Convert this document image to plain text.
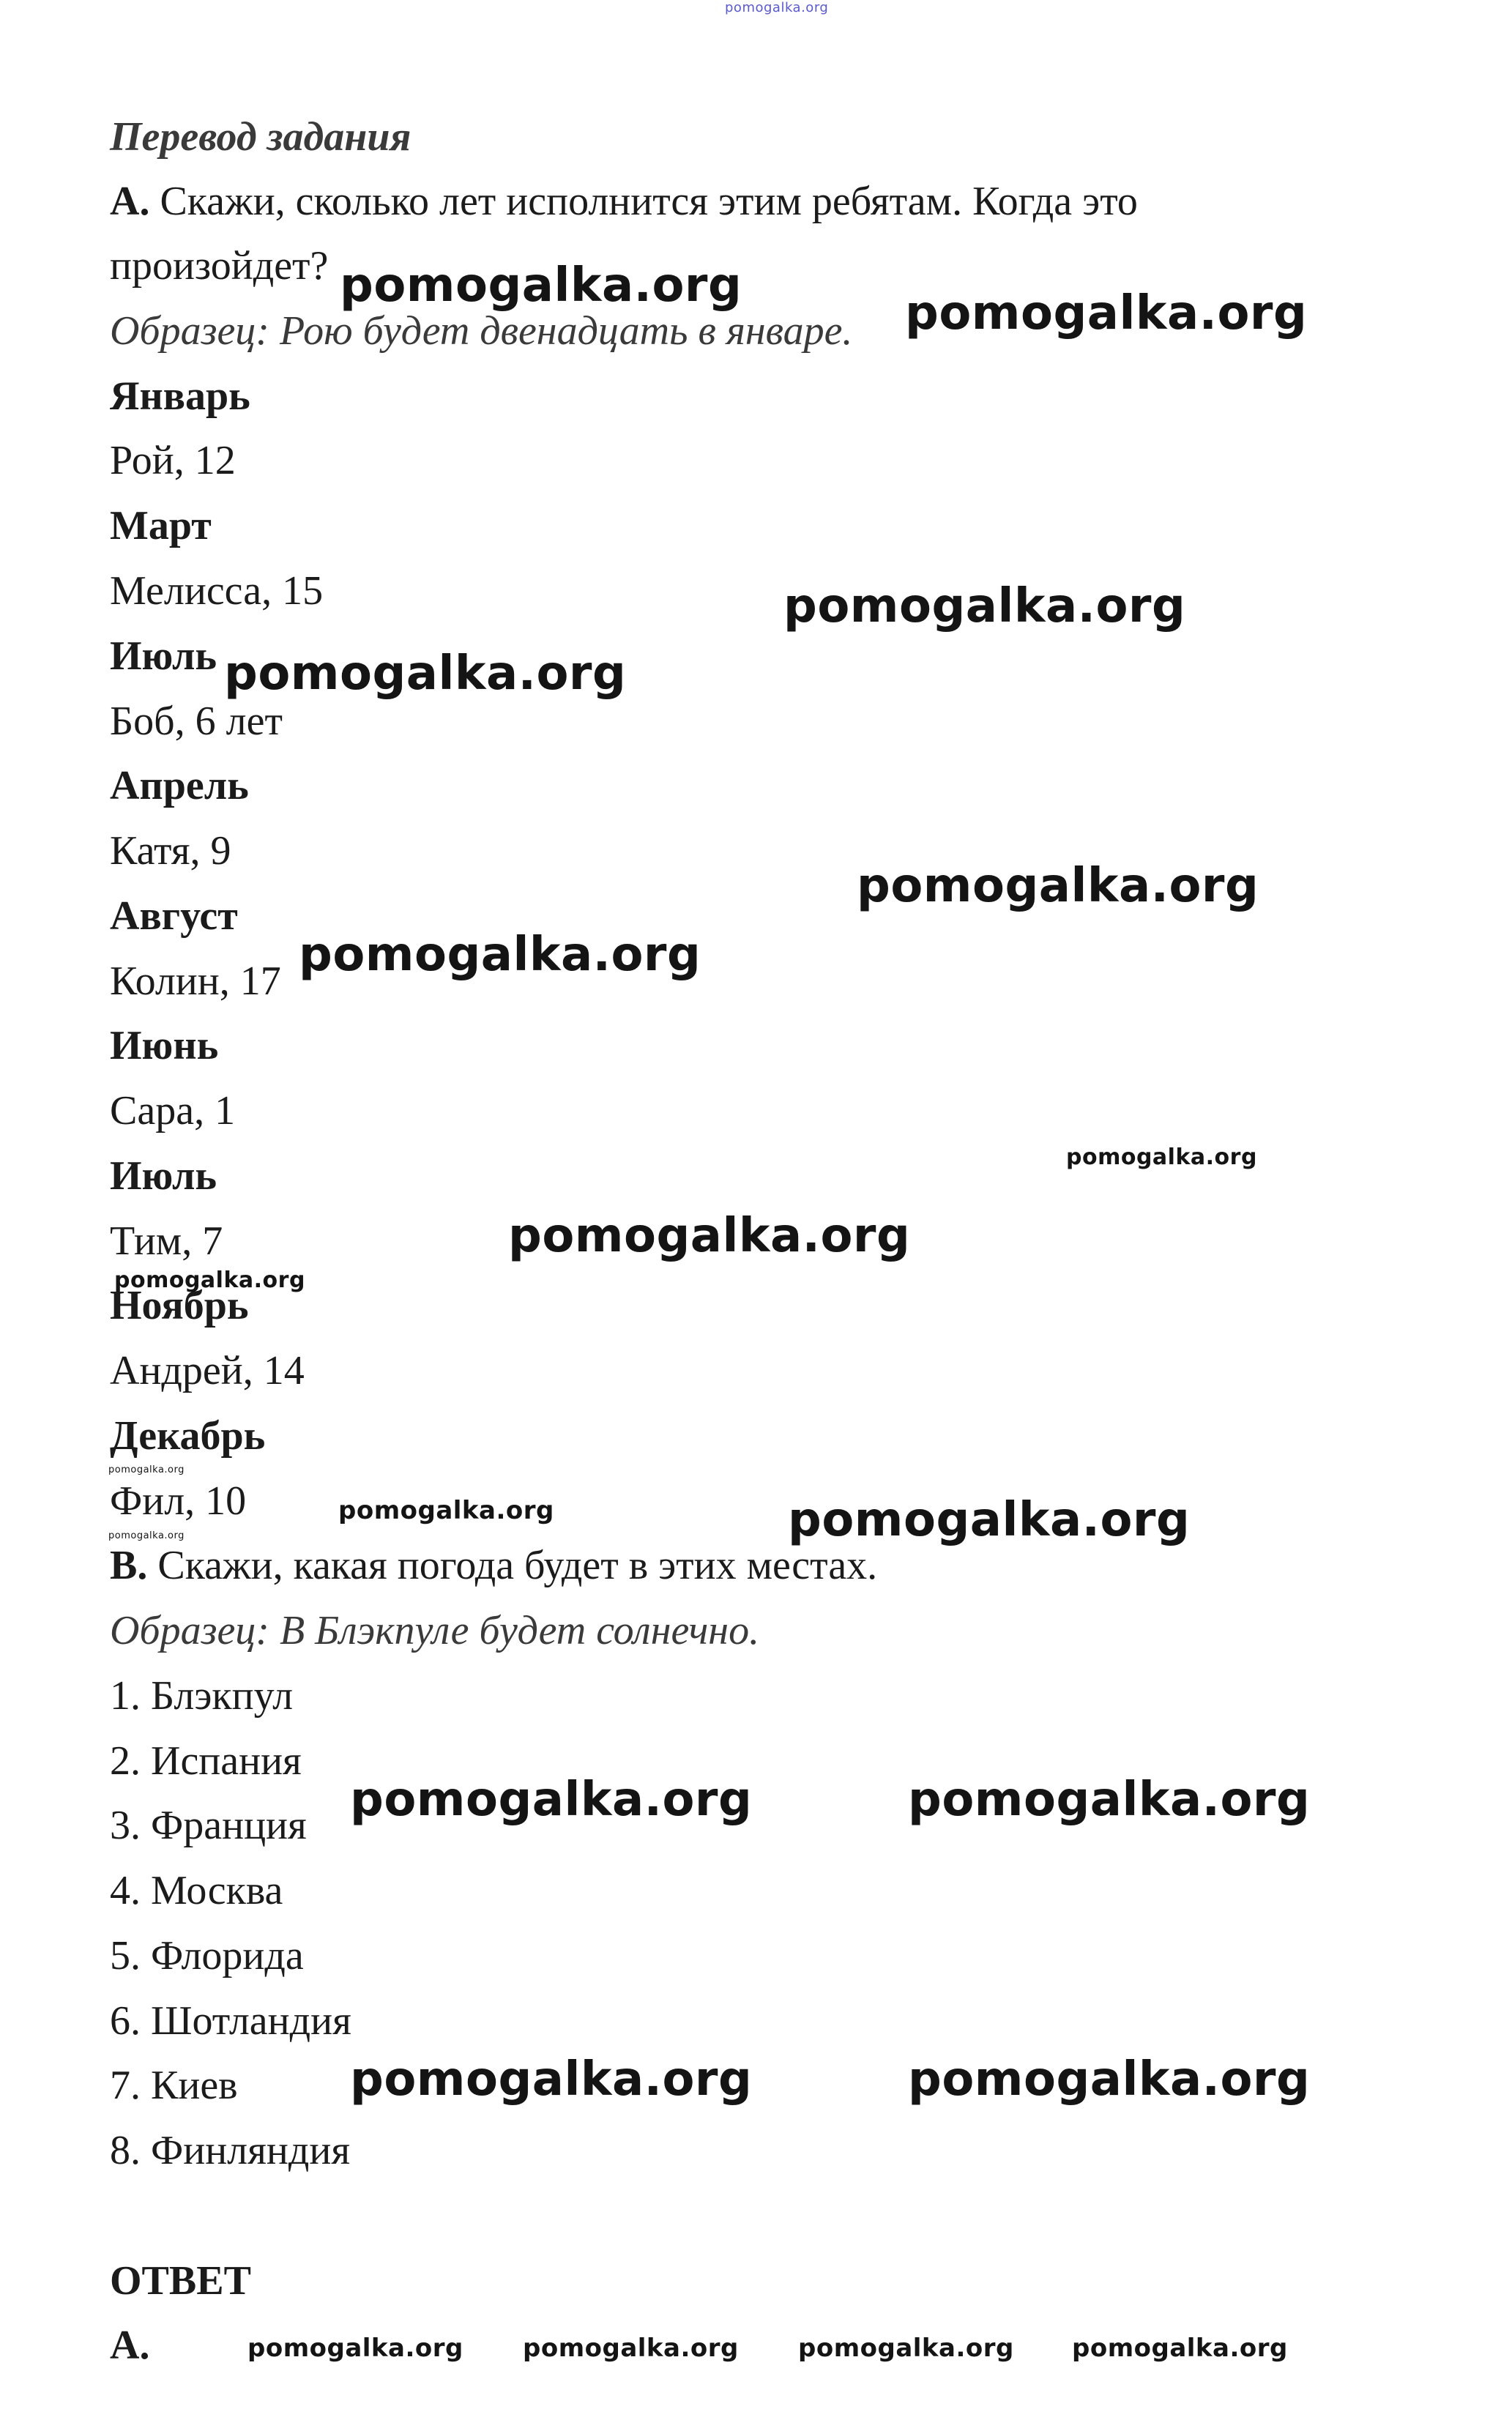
pomogalka.org
Перевод задания
A. Скажи, сколько лет исполнится этим ребятам. Когда это
произойдет?
Образец: Рою будет двенадцать в январе.
Январь
Рой, 12
Март
Мелисса, 15
Июль
Боб, 6 лет
Апрель
Катя, 9
Август
Колин, 17
Июнь
Сара, 1
Июль
Тим, 7
Ноябрь
Андрей, 14
Декабрь
Фил, 10
B. Скажи, какая погода будет в этих местах.
Образец: В Блэкпуле будет солнечно.
1. Блэкпул
2. Испания
3. Франция
4. Москва
5. Флорида
6. Шотландия
7. Киев
8. Финляндия
ОТВЕТ
A.
pomogalka.org
pomogalka.org
pomogalka.org
pomogalka.org
pomogalka.org
pomogalka.org
pomogalka.org
pomogalka.org
pomogalka.org
pomogalka.org
pomogalka.org	pomogalka.org
pomogalka.org
pomogalka.org	pomogalka.org
pomogalka.org	pomogalka.org
pomogalka.org pomogalka.org pomogalka.org pomogalka.org
